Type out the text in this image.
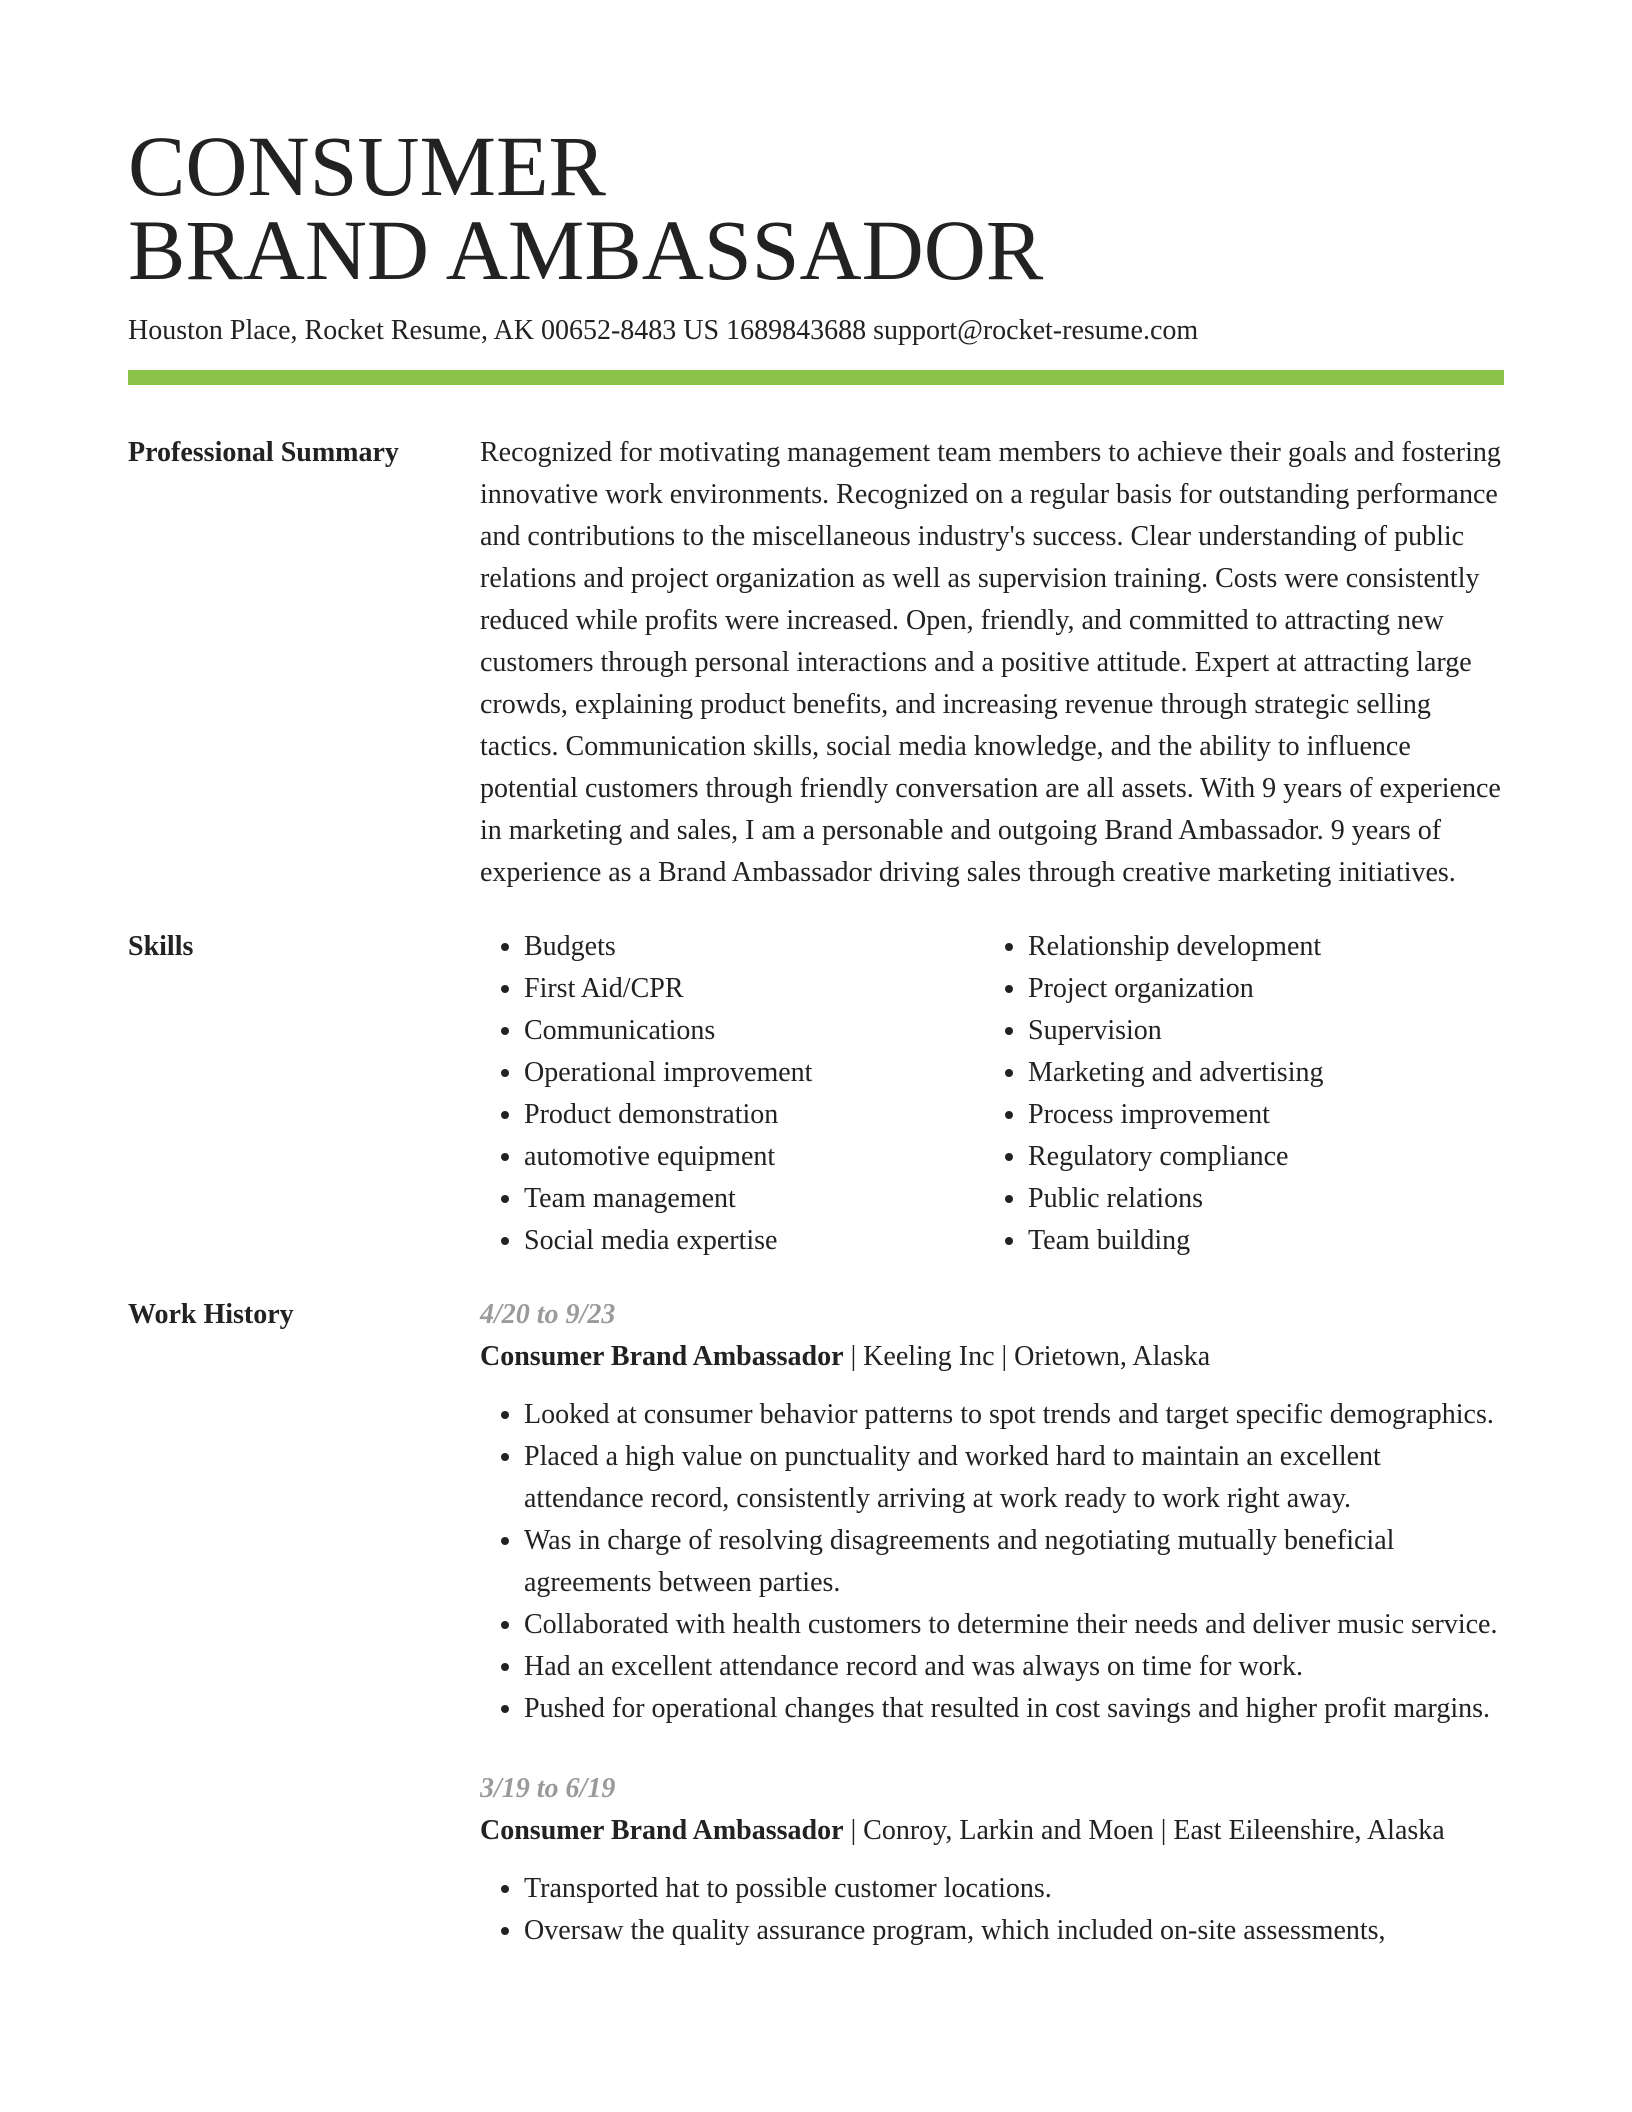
CONSUMER
BRAND AMBASSADOR
Houston Place, Rocket Resume, AK 00652-8483 US 1689843688 support@rocket-resume.com
Professional Summary	Recognized for motivating management team members to achieve their goals and fostering innovative work environments. Recognized on a regular basis for outstanding performance and contributions to the miscellaneous industry's success. Clear understanding of public relations and project organization as well as supervision training. Costs were consistently reduced while profits were increased. Open, friendly, and committed to attracting new customers through personal interactions and a positive attitude. Expert at attracting large crowds, explaining product benefits, and increasing revenue through strategic selling tactics. Communication skills, social media knowledge, and the ability to influence potential customers through friendly conversation are all assets. With 9 years of experience in marketing and sales, I am a personable and outgoing Brand Ambassador. 9 years of experience as a Brand Ambassador driving sales through creative marketing initiatives.

Skills
•	Budgets
• First Aid/CPR
• Communications
• Operational improvement
• Product demonstration
• automotive equipment
• Team management
• Social media expertise
• Relationship development
• Project organization
• Supervision
• Marketing and advertising
• Process improvement
• Regulatory compliance
• Public relations
• Team building
Work History	4/20 to 9/23
Consumer Brand Ambassador | Keeling Inc | Orietown, Alaska
• Looked at consumer behavior patterns to spot trends and target specific demographics.
• Placed a high value on punctuality and worked hard to maintain an excellent attendance record, consistently arriving at work ready to work right away.
• Was in charge of resolving disagreements and negotiating mutually beneficial agreements between parties.
• Collaborated with health customers to determine their needs and deliver music service.
• Had an excellent attendance record and was always on time for work.
• Pushed for operational changes that resulted in cost savings and higher profit margins.
3/19 to 6/19
Consumer Brand Ambassador | Conroy, Larkin and Moen | East Eileenshire, Alaska
• Transported hat to possible customer locations.
• Oversaw the quality assurance program, which included on-site assessments,
